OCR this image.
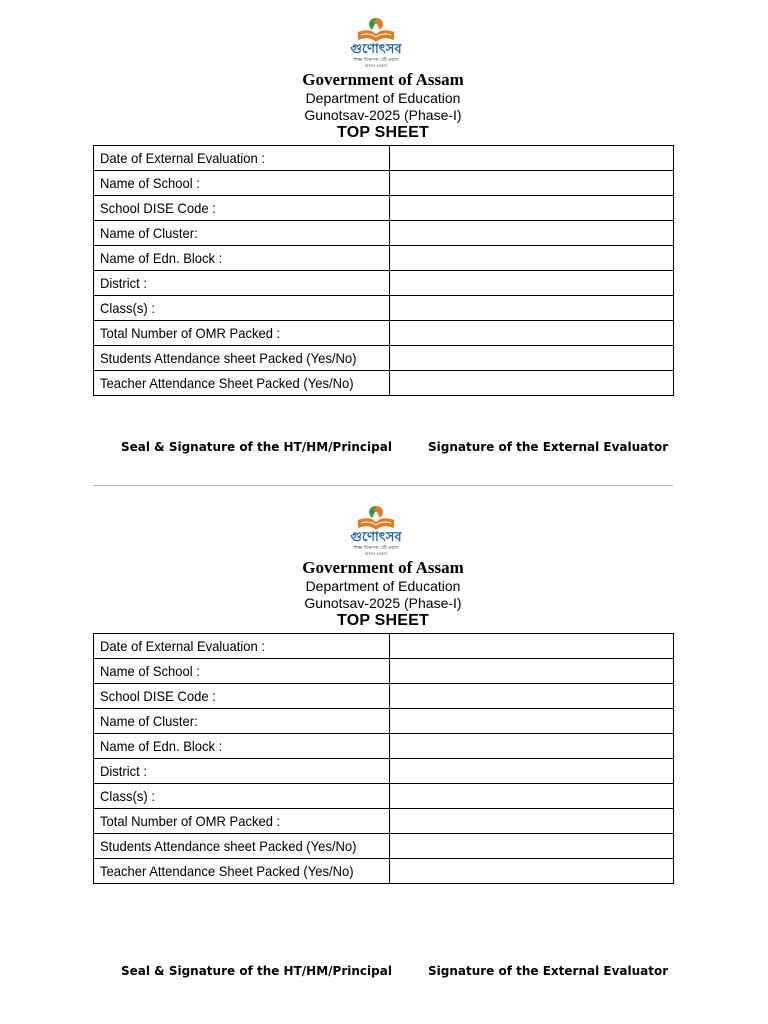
গুণোৎসব
শিক্ষা বিভাগৰ এটি প্ৰয়াস
অসমৰ চৰকাৰ
Government of Assam
Department of Education
Gunotsav-2025 (Phase-I)
TOP SHEET
Date of External Evaluation :	
Name of School :	
School DISE Code :	
Name of Cluster:	
Name of Edn. Block :	
District :	
Class(s) :	
Total Number of OMR Packed :	
Students Attendance sheet Packed (Yes/No)	
Teacher Attendance Sheet Packed (Yes/No)	
Seal & Signature of the HT/HM/Principal	Signature of the External Evaluator
গুণোৎসব
শিক্ষা বিভাগৰ এটি প্ৰয়াস
অসমৰ চৰকাৰ
Government of Assam
Department of Education
Gunotsav-2025 (Phase-I)
TOP SHEET
Date of External Evaluation :	
Name of School :	
School DISE Code :	
Name of Cluster:	
Name of Edn. Block :	
District :	
Class(s) :	
Total Number of OMR Packed :	
Students Attendance sheet Packed (Yes/No)	
Teacher Attendance Sheet Packed (Yes/No)	
Seal & Signature of the HT/HM/Principal	Signature of the External Evaluator
